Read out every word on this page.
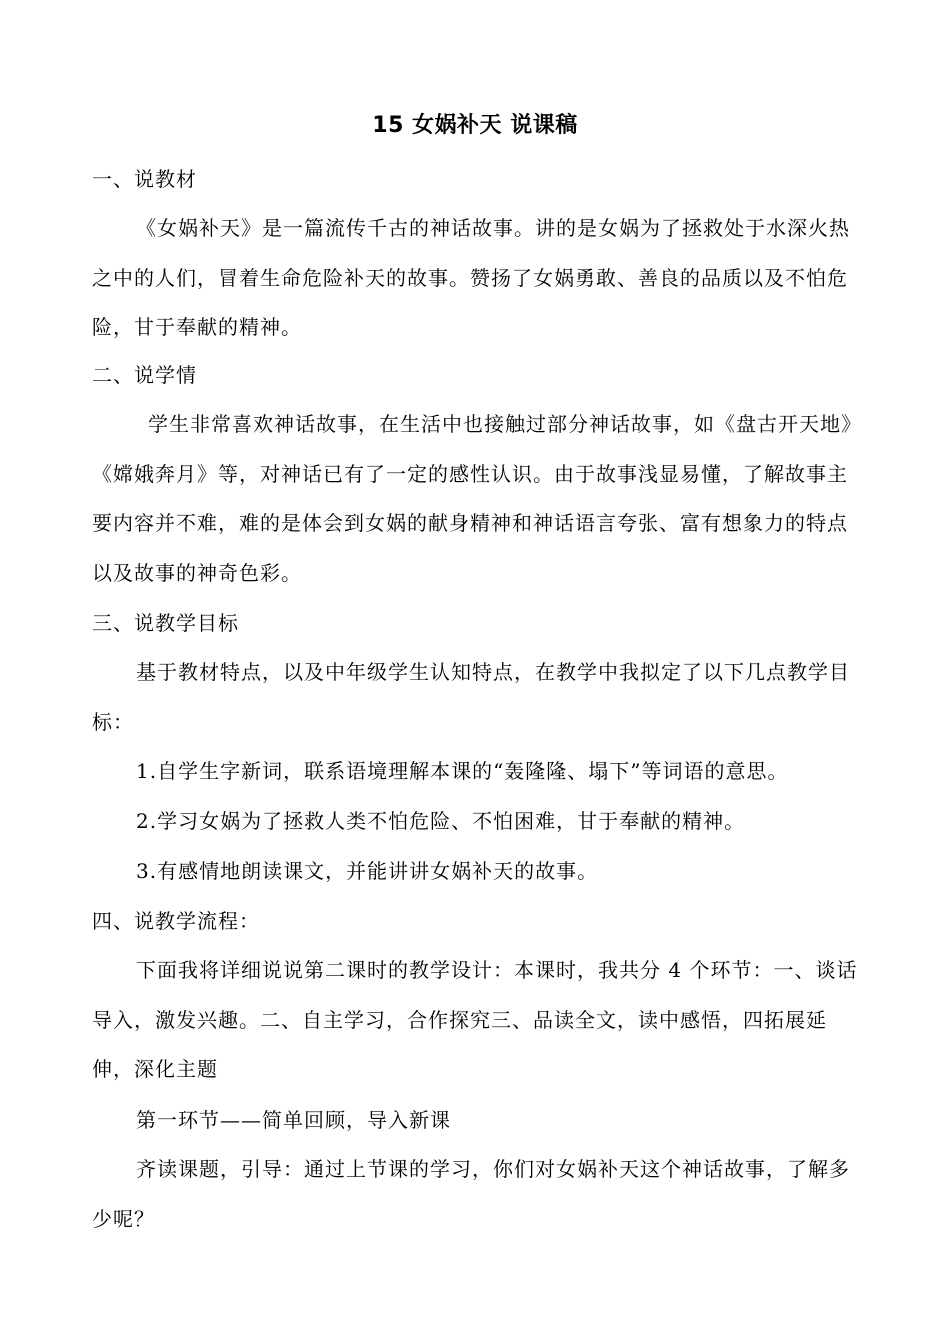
15 女娲补天 说课稿
一、说教材
《女娲补天》是一篇流传千古的神话故事。讲的是女娲为了拯救处于水深火热之中的人们，冒着生命危险补天的故事。赞扬了女娲勇敢、善良的品质以及不怕危险，甘于奉献的精神。
二、说学情
学生非常喜欢神话故事，在生活中也接触过部分神话故事，如《盘古开天地》《嫦娥奔月》等，对神话已有了一定的感性认识。由于故事浅显易懂，了解故事主要内容并不难，难的是体会到女娲的献身精神和神话语言夸张、富有想象力的特点以及故事的神奇色彩。
三、说教学目标
基于教材特点，以及中年级学生认知特点，在教学中我拟定了以下几点教学目标：
1.自学生字新词，联系语境理解本课的“轰隆隆、塌下”等词语的意思。
2.学习女娲为了拯救人类不怕危险、不怕困难，甘于奉献的精神。
3.有感情地朗读课文，并能讲讲女娲补天的故事。
四、说教学流程：
下面我将详细说说第二课时的教学设计：本课时，我共分 4 个环节：一、谈话导入，激发兴趣。二、自主学习，合作探究三、品读全文，读中感悟，四拓展延伸，深化主题
第一环节——简单回顾，导入新课
齐读课题，引导：通过上节课的学习，你们对女娲补天这个神话故事，了解多少呢？
